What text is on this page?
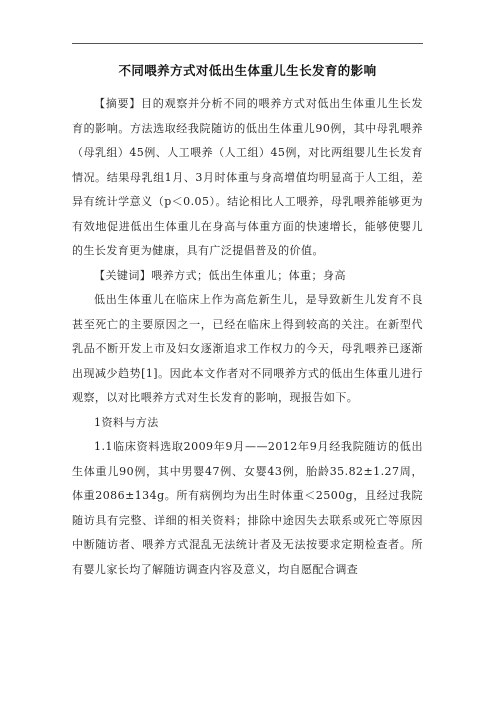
不同喂养方式对低出生体重儿生长发育的影响

【摘要】目的观察并分析不同的喂养方式对低出生体重儿生长发育的影响。方法选取经我院随访的低出生体重儿90例，其中母乳喂养（母乳组）45例、人工喂养（人工组）45例，对比两组婴儿生长发育情况。结果母乳组1月、3月时体重与身高增值均明显高于人工组，差异有统计学意义（p＜0.05）。结论相比人工喂养，母乳喂养能够更为有效地促进低出生体重儿在身高与体重方面的快速增长，能够使婴儿的生长发育更为健康，具有广泛提倡普及的价值。

【关键词】喂养方式；低出生体重儿；体重；身高

低出生体重儿在临床上作为高危新生儿，是导致新生儿发育不良甚至死亡的主要原因之一，已经在临床上得到较高的关注。在新型代乳品不断开发上市及妇女逐渐追求工作权力的今天，母乳喂养已逐渐出现减少趋势[1]。因此本文作者对不同喂养方式的低出生体重儿进行观察，以对比喂养方式对生长发育的影响，现报告如下。

1资料与方法

1.1临床资料选取2009年9月——2012年9月经我院随访的低出生体重儿90例，其中男婴47例、女婴43例，胎龄35.82±1.27周，体重2086±134g。所有病例均为出生时体重＜2500g，且经过我院随访具有完整、详细的相关资料；排除中途因失去联系或死亡等原因中断随访者、喂养方式混乱无法统计者及无法按要求定期检查者。所有婴儿家长均了解随访调查内容及意义，均自愿配合调查
